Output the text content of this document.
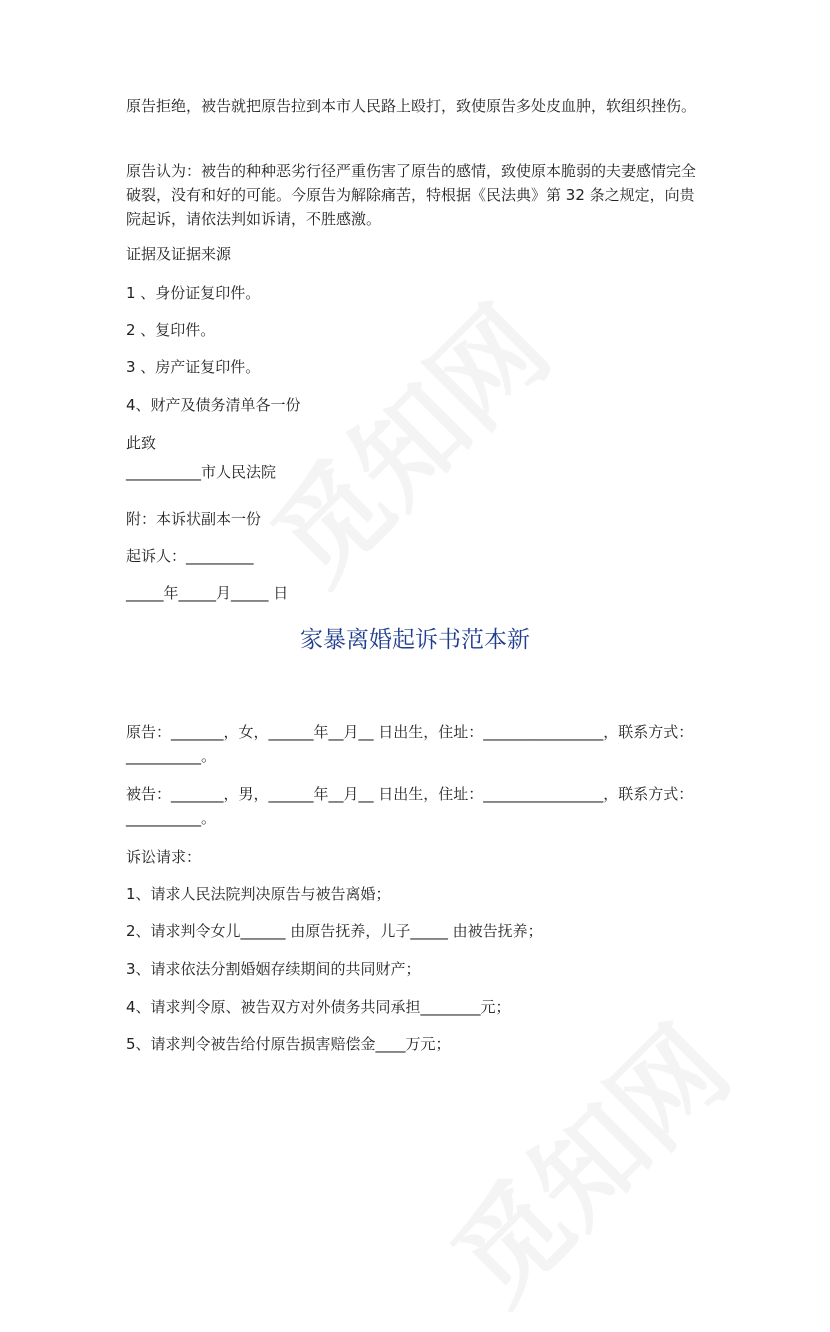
原告拒绝，被告就把原告拉到本市人民路上殴打，致使原告多处皮血肿，软组织挫伤。

原告认为：被告的种种恶劣行径严重伤害了原告的感情，致使原本脆弱的夫妻感情完全破裂，没有和好的可能。今原告为解除痛苦，特根据《民法典》第 32 条之规定，向贵院起诉，请依法判如诉请，不胜感激。

证据及证据来源

1 、身份证复印件。

2 、复印件。

3 、房产证复印件。

4、财产及债务清单各一份

此致

__________市人民法院

附：本诉状副本一份

起诉人：_________

_____年_____月_____ 日

家暴离婚起诉书范本新

原告：_______，女，______年__月__ 日出生，住址：________________，联系方式：__________。

被告：_______，男，______年__月__ 日出生，住址：________________，联系方式：__________。

诉讼请求：

1、请求人民法院判决原告与被告离婚；

2、请求判令女儿______ 由原告抚养，儿子_____ 由被告抚养；

3、请求依法分割婚姻存续期间的共同财产；

4、请求判令原、被告双方对外债务共同承担________元；

5、请求判令被告给付原告损害赔偿金____万元；
